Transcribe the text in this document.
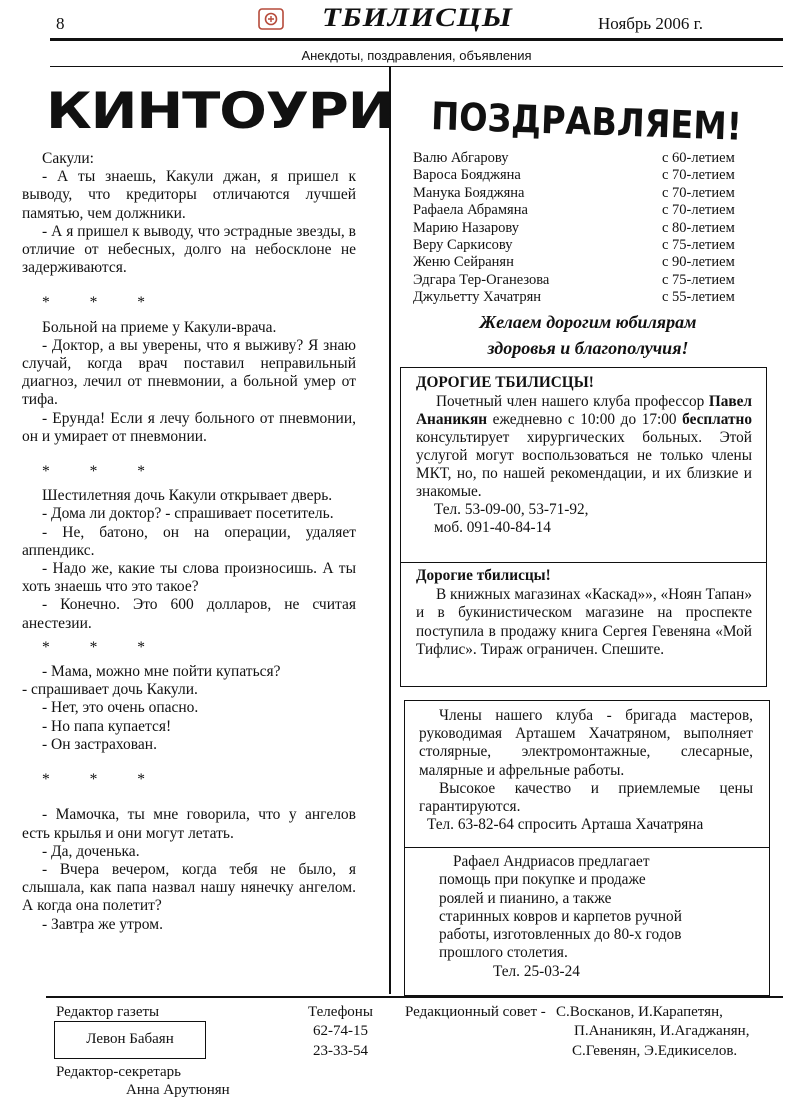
8	ТБИЛИСЦЫ	Ноябрь 2006 г.
Анекдоты, поздравления, объявления
КИНТОУРИ

Сакули:

- А ты знаешь, Какули джан, я пришел к выводу, что кредиторы отличаются лучшей памятью, чем должники.

- А я пришел к выводу, что эстрадные звезды, в отличие от небесных, долго на небосклоне не задерживаются.

* * *

Больной на приеме у Какули-врача.

- Доктор, а вы уверены, что я выживу? Я знаю случай, когда врач поставил неправильный диагноз, лечил от пневмонии, а больной умер от тифа.

- Ерунда! Если я лечу больного от пневмонии, он и умирает от пневмонии.

* * *

Шестилетняя дочь Какули открывает дверь.

- Дома ли доктор? - спрашивает посетитель.

- Не, батоно, он на операции, удаляет аппендикс.

- Надо же, какие ты слова произносишь. А ты хоть знаешь что это такое?

- Конечно. Это 600 долларов, не считая анестезии.

* * *

- Мама, можно мне пойти купаться?

- спрашивает дочь Какули.

- Нет, это очень опасно.

- Но папа купается!

- Он застрахован.

* * *

- Мамочка, ты мне говорила, что у ангелов есть крылья и они могут летать.

- Да, доченька.

- Вчера вечером, когда тебя не было, я слышала, как папа назвал нашу нянечку ангелом. А когда она полетит?

- Завтра же утром.

ПОЗДРАВЛЯЕМ!
Валю Абгарову	с 60-летием
Вароса Бояджяна	с 70-летием
Манука Бояджяна	с 70-летием
Рафаела Абрамяна	с 70-летием
Марию Назарову	с 80-летием
Веру Саркисову	с 75-летием
Женю Сейранян	с 90-летием
Эдгара Тер-Оганезова	с 75-летием
Джульетту Хачатрян	с 55-летием
Желаем дорогим юбилярам
здоровья и благополучия!

ДОРОГИЕ ТБИЛИСЦЫ!

Почетный член нашего клуба профессор Павел Ананикян ежедневно с 10:00 до 17:00 бесплатно консультирует хирургических больных. Этой услугой могут воспользоваться не только члены МКТ, но, по нашей рекомендации, и их близкие и знакомые.

Тел. 53-09-00, 53-71-92,

моб. 091-40-84-14

Дорогие тбилисцы!

В книжных магазинах «Каскад»», «Ноян Тапан» и в букинистическом магазине на проспекте поступила в продажу книга Сергея Гевеняна «Мой Тифлис». Тираж ограничен. Спешите.

Члены нашего клуба - бригада мастеров, руководимая Арташем Хачатряном, выполняет столярные, электромонтажные, слесарные, малярные и афрельные работы.

Высокое качество и приемлемые цены гарантируются.

Тел. 63-82-64 спросить Арташа Хачатряна

Рафаел Андриасов предлагает

помощь при покупке и продаже

роялей и пианино, а также

старинных ковров и карпетов ручной

работы, изготовленных до 80-х годов

прошлого столетия.

Тел. 25-03-24

Редактор газеты
Левон Бабаян
Редактор-секретарь
Анна Арутюнян
Телефоны
62-74-15
23-33-54
Редакционный совет - С.Восканов, И.Карапетян,
П.Ананикян, И.Агаджанян,
С.Гевенян, Э.Едикиселов.
